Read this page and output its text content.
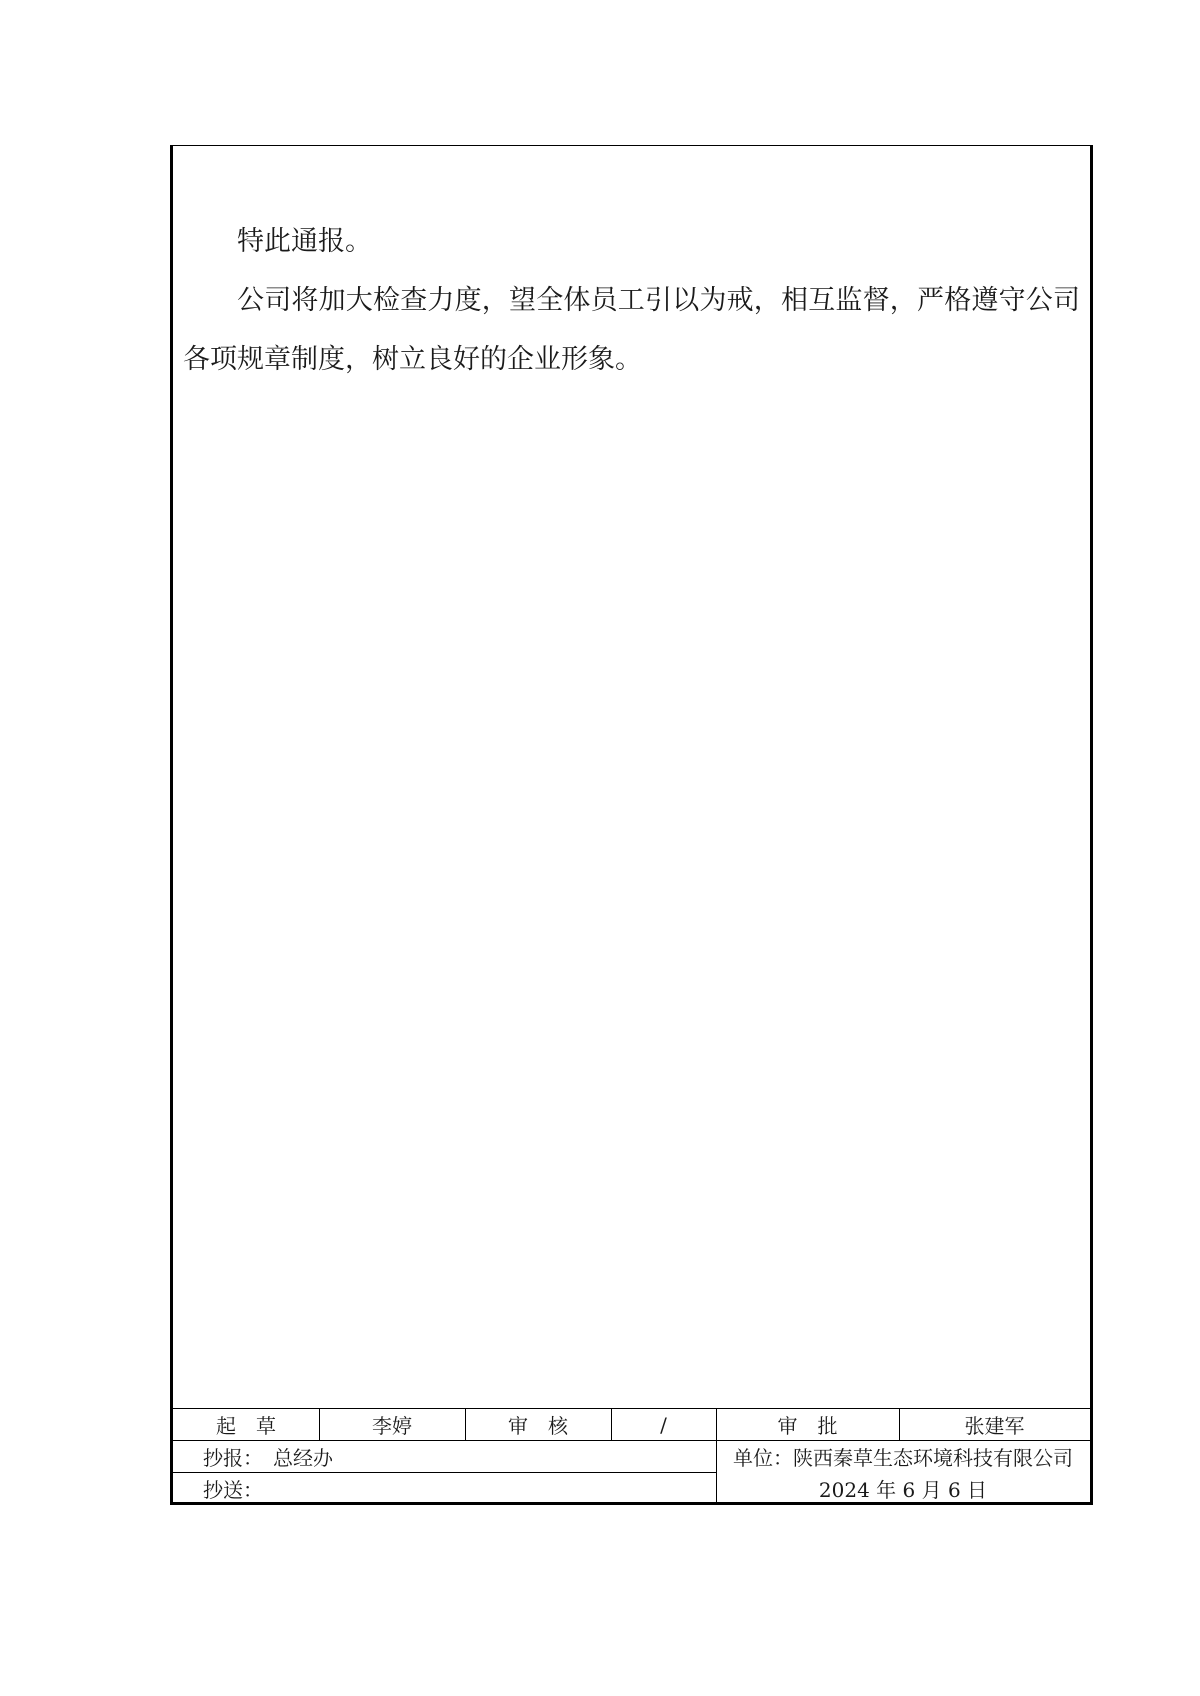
特此通报。

公司将加大检查力度，望全体员工引以为戒，相互监督，严格遵守公司各项规章制度，树立良好的企业形象。

起　草	李婷	审　核	/	审　批	张建军
抄报：　总经办
抄送：
单位：陕西秦草生态环境科技有限公司
2024 年 6 月 6 日
